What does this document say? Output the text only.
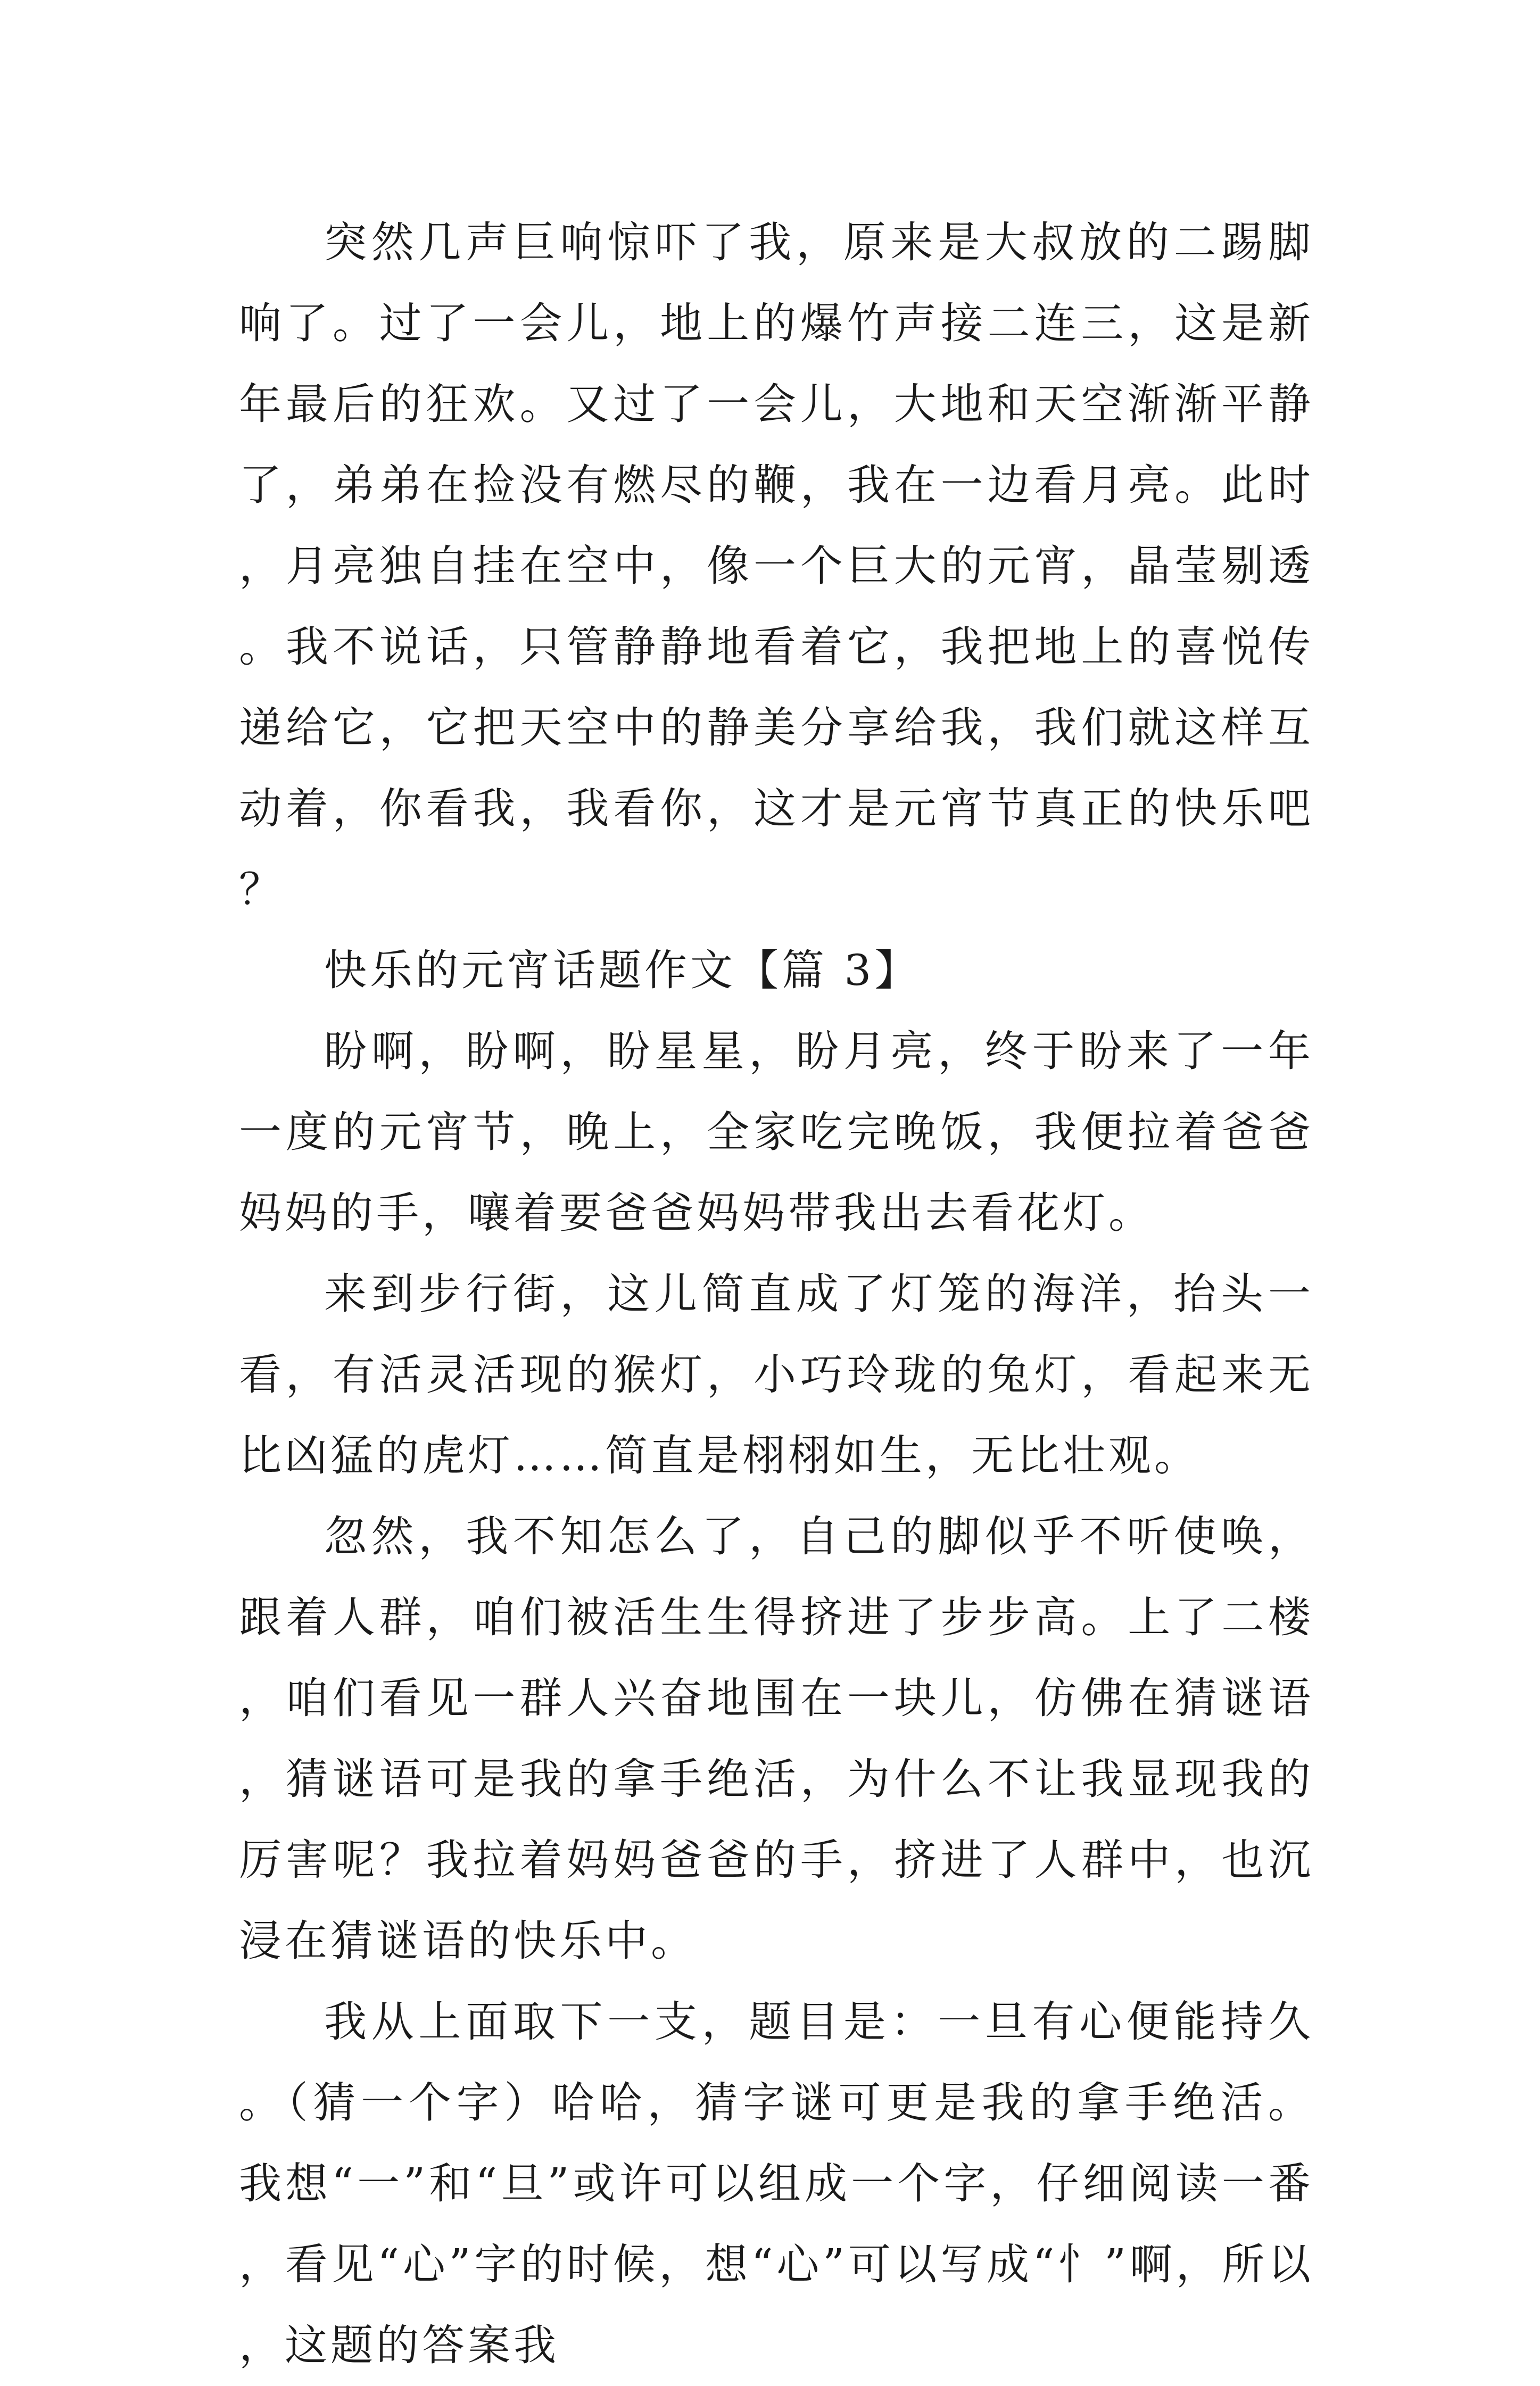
突然几声巨响惊吓了我，原来是大叔放的二踢脚响了。过了一会儿，地上的爆竹声接二连三，这是新年最后的狂欢。又过了一会儿，大地和天空渐渐平静了，弟弟在捡没有燃尽的鞭，我在一边看月亮。此时，月亮独自挂在空中，像一个巨大的元宵，晶莹剔透。我不说话，只管静静地看着它，我把地上的喜悦传递给它，它把天空中的静美分享给我，我们就这样互动着，你看我，我看你，这才是元宵节真正的快乐吧？

快乐的元宵话题作文【篇 3】

盼啊，盼啊，盼星星，盼月亮，终于盼来了一年一度的元宵节，晚上，全家吃完晚饭，我便拉着爸爸妈妈的手，嚷着要爸爸妈妈带我出去看花灯。

来到步行街，这儿简直成了灯笼的海洋，抬头一看，有活灵活现的猴灯，小巧玲珑的兔灯，看起来无比凶猛的虎灯……简直是栩栩如生，无比壮观。

忽然，我不知怎么了，自己的脚似乎不听使唤，跟着人群，咱们被活生生得挤进了步步高。上了二楼，咱们看见一群人兴奋地围在一块儿，仿佛在猜谜语，猜谜语可是我的拿手绝活，为什么不让我显现我的厉害呢？我拉着妈妈爸爸的手，挤进了人群中，也沉浸在猜谜语的快乐中。

我从上面取下一支，题目是：一旦有心便能持久。（猜一个字）哈哈，猜字谜可更是我的拿手绝活。我想“一”和“旦”或许可以组成一个字，仔细阅读一番，看见“心”字的时候，想“心”可以写成“忄”啊，所以，这题的答案我
